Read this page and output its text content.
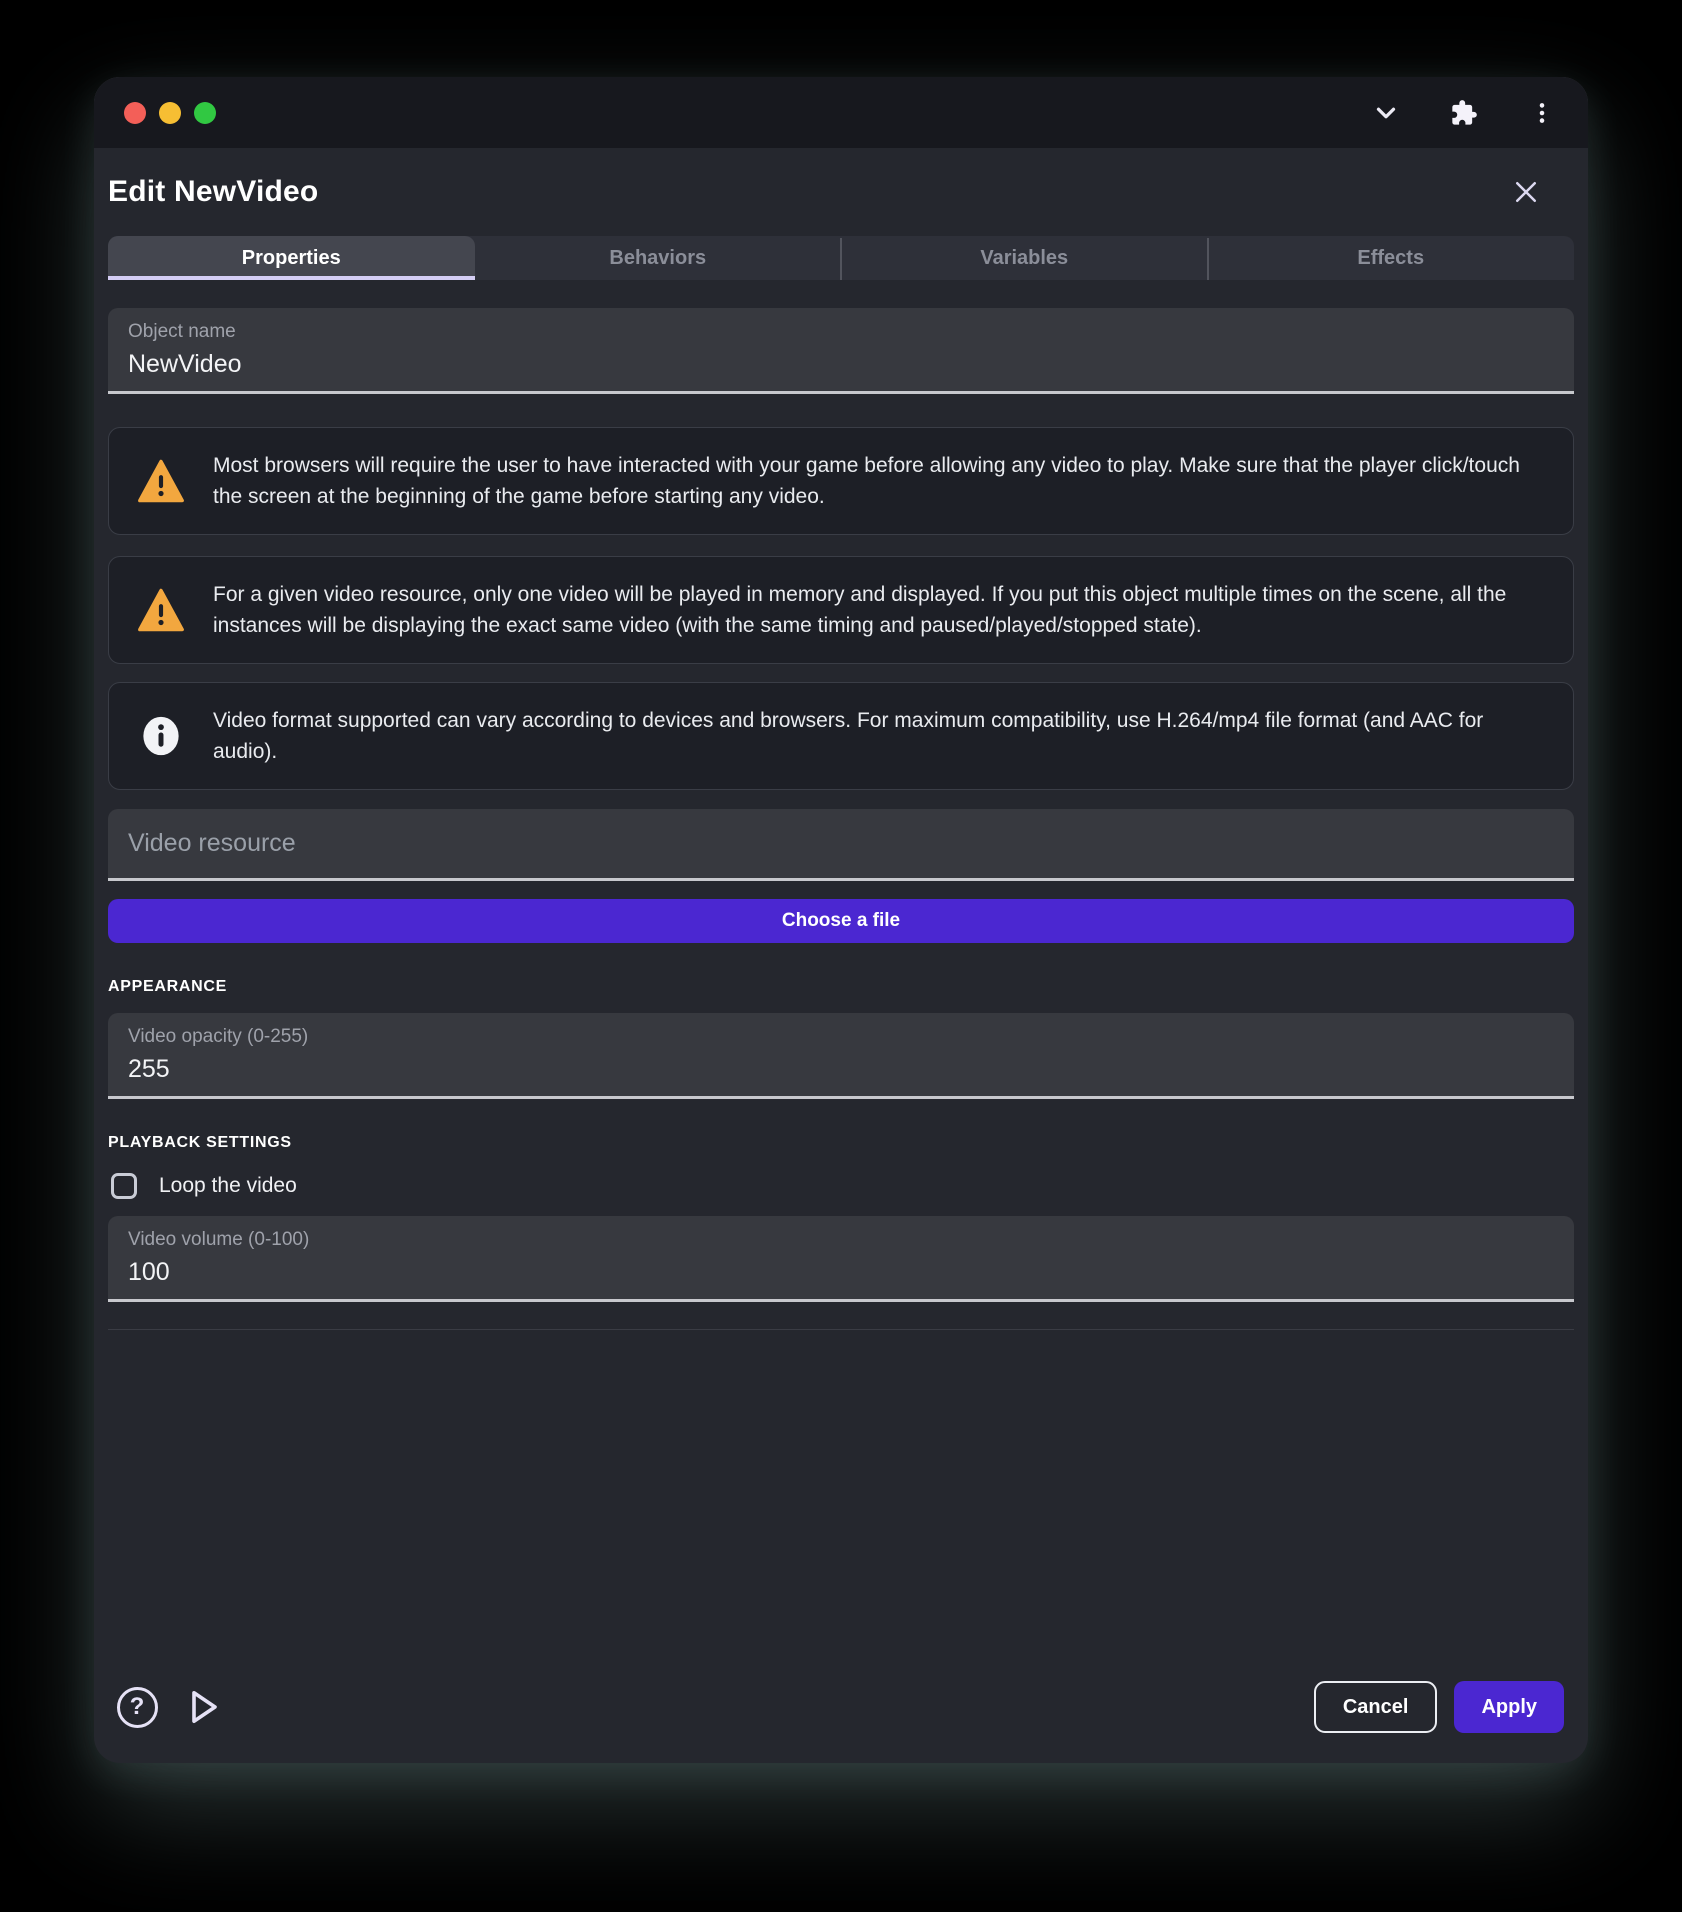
Edit NewVideo
Properties	Behaviors	Variables	Effects
Object name
NewVideo
Most browsers will require the user to have interacted with your game before allowing any video to play. Make sure that the player click/touch the screen at the beginning of the game before starting any video.
For a given video resource, only one video will be played in memory and displayed. If you put this object multiple times on the scene, all the instances will be displaying the exact same video (with the same timing and paused/played/stopped state).
Video format supported can vary according to devices and browsers. For maximum compatibility, use H.264/mp4 file format (and AAC for audio).
Video resource
Choose a file
APPEARANCE
Video opacity (0-255)
255
PLAYBACK SETTINGS
Loop the video
Video volume (0-100)
100
?	Cancel	Apply
